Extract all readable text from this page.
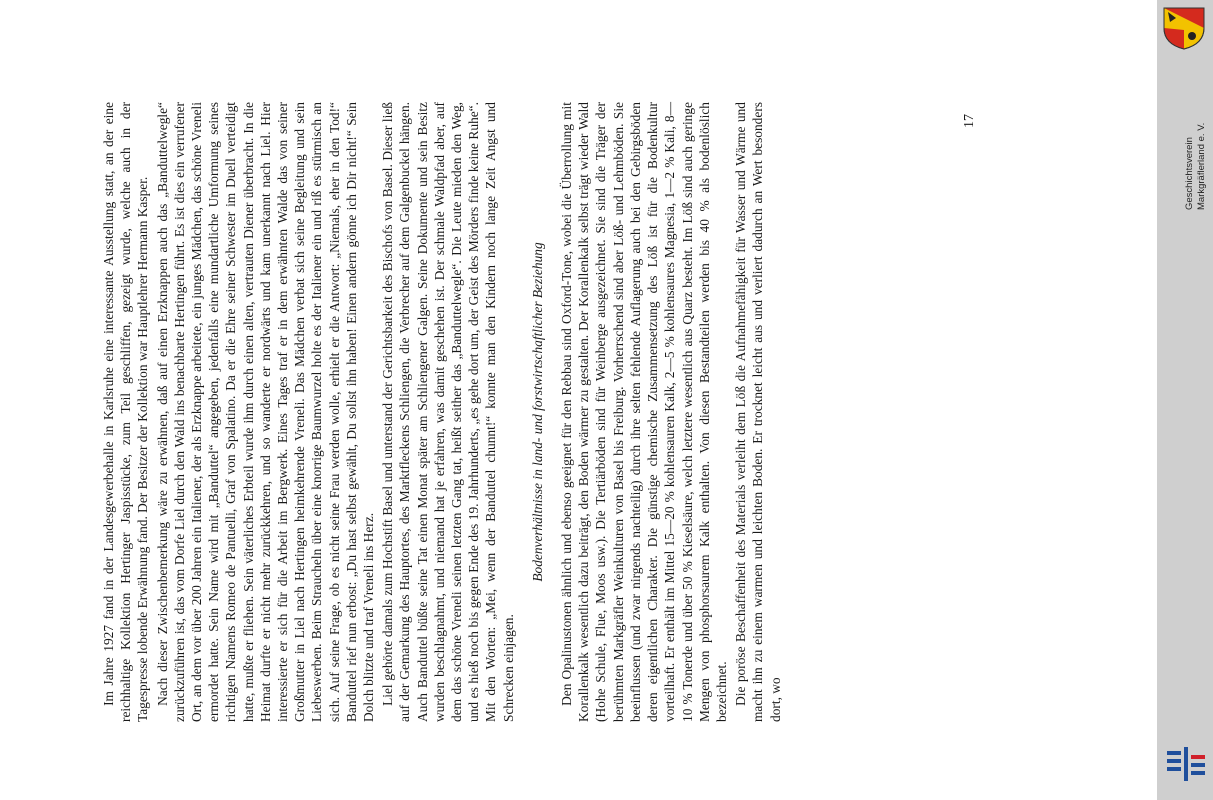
Im Jahre 1927 fand in der Landesgewerbehalle in Karlsruhe eine interessante Ausstellung statt, an der eine reichhaltige Kollektion Hertinger Jaspisstücke, zum Teil geschliffen, gezeigt wurde, welche auch in der Tagespresse lobende Erwähnung fand. Der Besitzer der Kollektion war Hauptlehrer Hermann Kasper. Nach dieser Zwischenbemerkung wäre zu erwähnen, daß auf einen Erzknappen auch das „Banduttelwegle“ zurückzuführen ist, das vom Dorfe Liel durch den Wald ins benachbarte Hertingen führt. Es ist dies ein verrufener Ort, an dem vor über 200 Jahren ein Italiener, der als Erzknappe arbeitete, ein junges Mädchen, das schöne Vreneli ermordet hatte. Sein Name wird mit „Banduttel“ angegeben, jedenfalls eine mundartliche Umformung seines richtigen Namens Romeo de Pantuelli, Graf von Spalatino. Da er die Ehre seiner Schwester im Duell verteidigt hatte, mußte er fliehen. Sein väterliches Erbteil wurde ihm durch einen alten, vertrauten Diener überbracht. In die Heimat durfte er nicht mehr zurückkehren, und so wanderte er nordwärts und kam unerkannt nach Liel. Hier interessierte er sich für die Arbeit im Bergwerk. Eines Tages traf er in dem erwähnten Walde das von seiner Großmutter in Liel nach Hertingen heimkehrende Vreneli. Das Mädchen verbat sich seine Begleitung und sein Liebeswerben. Beim Straucheln über eine knorrige Baumwurzel holte es der Italiener ein und riß es stürmisch an sich. Auf seine Frage, ob es nicht seine Frau werden wolle, erhielt er die Antwort: „Niemals, eher in den Tod!“ Banduttel rief nun erbost: „Du hast selbst gewählt, Du sollst ihn haben! Einen andern gönne ich Dir nicht!“ Sein Dolch blitzte und traf Vreneli ins Herz. Liel gehörte damals zum Hochstift Basel und unterstand der Gerichtsbarkeit des Bischofs von Basel. Dieser ließ auf der Gemarkung des Hauptortes, des Marktfleckens Schliengen, die Verbrecher auf dem Galgenbuckel hängen. Auch Banduttel büßte seine Tat einen Monat später am Schliengener Galgen. Seine Dokumente und sein Besitz wurden beschlagnahmt, und niemand hat je erfahren, was damit geschehen ist. Der schmale Waldpfad aber, auf dem das schöne Vreneli seinen letzten Gang tat, heißt seither das „Banduttelwegle“. Die Leute mieden den Weg, und es hieß noch bis gegen Ende des 19. Jahrhunderts, „es gehe dort um, der Geist des Mörders finde keine Ruhe“. Mit den Worten: „Mei, wenn der Banduttel chunnt!“ konnte man den Kindern noch lange Zeit Angst und Schrecken einjagen.

Bodenverhältnisse in land- und forstwirtschaftlicher Beziehung Den Opalinustonen ähnlich und ebenso geeignet für den Rebbau sind Oxford-Tone, wobei die Überrollung mit Korallenkalk wesentlich dazu beiträgt, den Boden wärmer zu gestalten. Der Korallenkalk selbst trägt wieder Wald (Hohe Schule, Flue, Moos usw.). Die Tertiärböden sind für Weinberge ausgezeichnet. Sie sind die Träger der berühmten Markgräfler Weinkulturen von Basel bis Freiburg. Vorherrschend sind aber Löß- und Lehmböden. Sie beeinflussen (und zwar nirgends nachteilig) durch ihre selten fehlende Auflagerung auch bei den Gebirgsböden deren eigentlichen Charakter. Die günstige chemische Zusammensetzung des Löß ist für die Bodenkultur vorteilhaft. Er enthält im Mittel 15—20 % kohlensauren Kalk, 2—5 % kohlensaures Magnesia, 1—2 % Kali, 8—10 % Tonerde und über 50 % Kieselsäure, welch letztere wesentlich aus Quarz besteht. Im Löß sind auch geringe Mengen von phosphorsaurem Kalk enthalten. Von diesen Bestandteilen werden bis 40 % als bodenlöslich bezeichnet. Die poröse Beschaffenheit des Materials verleiht dem Löß die Aufnahmefähigkeit für Wasser und Wärme und macht ihn zu einem warmen und leichten Boden. Er trocknet leicht aus und verliert dadurch an Wert besonders dort, wo

17
Geschichtsverein Markgräflerland e. V.
